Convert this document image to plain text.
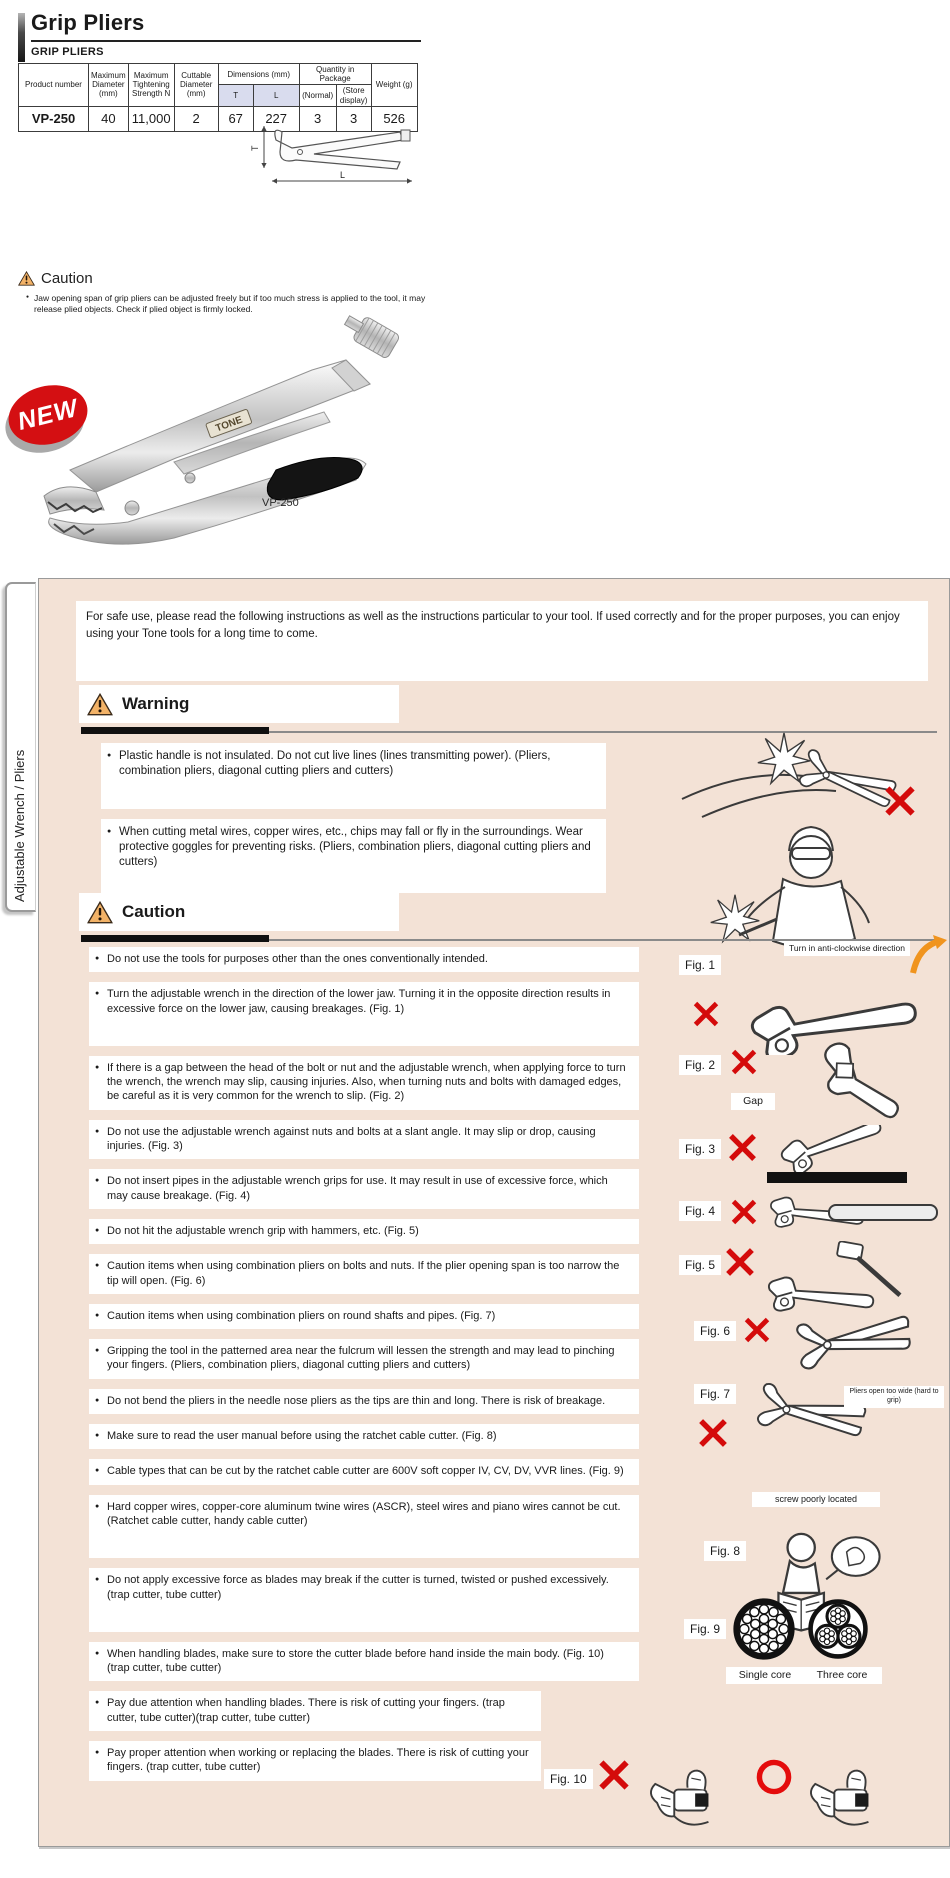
Grip Pliers
GRIP PLIERS
Product number	Maximum Diameter (mm)	Maximum Tightening Strength N	Cuttable Diameter (mm)	Dimensions (mm)		Quantity in Package		Weight (g)
				T	L	(Normal)	(Store display)	
VP-250	40	11,000	2	67	227	3	3	526
T
L
Caution
● Jaw opening span of grip pliers can be adjusted freely but if too much stress is applied to the tool, it may release plied objects. Check if plied object is firmly locked.
NEW	TONE
VP-250
Adjustable Wrench / Pliers
For safe use, please read the following instructions as well as the instructions particular to your tool. If used correctly and for the proper purposes, you can enjoy using your Tone tools for a long time to come.
Warning
● Plastic handle is not insulated. Do not cut live lines (lines transmitting power). (Pliers, combination pliers, diagonal cutting pliers and cutters)
● When cutting metal wires, copper wires, etc., chips may fall or fly in the surroundings. Wear protective goggles for preventing risks. (Pliers, combination pliers, diagonal cutting pliers and cutters)
Caution
● Do not use the tools for purposes other than the ones conventionally intended.
● Turn the adjustable wrench in the direction of the lower jaw. Turning it in the opposite direction results in excessive force on the lower jaw, causing breakages. (Fig. 1)
● If there is a gap between the head of the bolt or nut and the adjustable wrench, when applying force to turn the wrench, the wrench may slip, causing injuries. Also, when turning nuts and bolts with damaged edges, be careful as it is very common for the wrench to slip. (Fig. 2)
● Do not use the adjustable wrench against nuts and bolts at a slant angle. It may slip or drop, causing injuries. (Fig. 3)
● Do not insert pipes in the adjustable wrench grips for use. It may result in use of excessive force, which may cause breakage. (Fig. 4)
● Do not hit the adjustable wrench grip with hammers, etc. (Fig. 5)
● Caution items when using combination pliers on bolts and nuts. If the plier opening span is too narrow the tip will open. (Fig. 6)
● Caution items when using combination pliers on round shafts and pipes. (Fig. 7)
● Gripping the tool in the patterned area near the fulcrum will lessen the strength and may lead to pinching your fingers. (Pliers, combination pliers, diagonal cutting pliers and cutters)
● Do not bend the pliers in the needle nose pliers as the tips are thin and long. There is risk of breakage.
● Make sure to read the user manual before using the ratchet cable cutter. (Fig. 8)
● Cable types that can be cut by the ratchet cable cutter are 600V soft copper IV, CV, DV, VVR lines. (Fig. 9)
● Hard copper wires, copper-core aluminum twine wires (ASCR), steel wires and piano wires cannot be cut. (Ratchet cable cutter, handy cable cutter)
● Do not apply excessive force as blades may break if the cutter is turned, twisted or pushed excessively. (trap cutter, tube cutter)
● When handling blades, make sure to store the cutter blade before hand inside the main body. (Fig. 10) (trap cutter, tube cutter)
● Pay due attention when handling blades. There is risk of cutting your fingers. (trap cutter, tube cutter)(trap cutter, tube cutter)
● Pay proper attention when working or replacing the blades. There is risk of cutting your fingers. (trap cutter, tube cutter)
Turn in anti-clockwise direction
Fig. 1
Fig. 2
Gap
Fig. 3
Fig. 4
Fig. 5
Fig. 6
Fig. 7	Pliers open too wide (hard to grip)
screw poorly located
Fig. 8
Fig. 9
Single core	Three core
Fig. 10
